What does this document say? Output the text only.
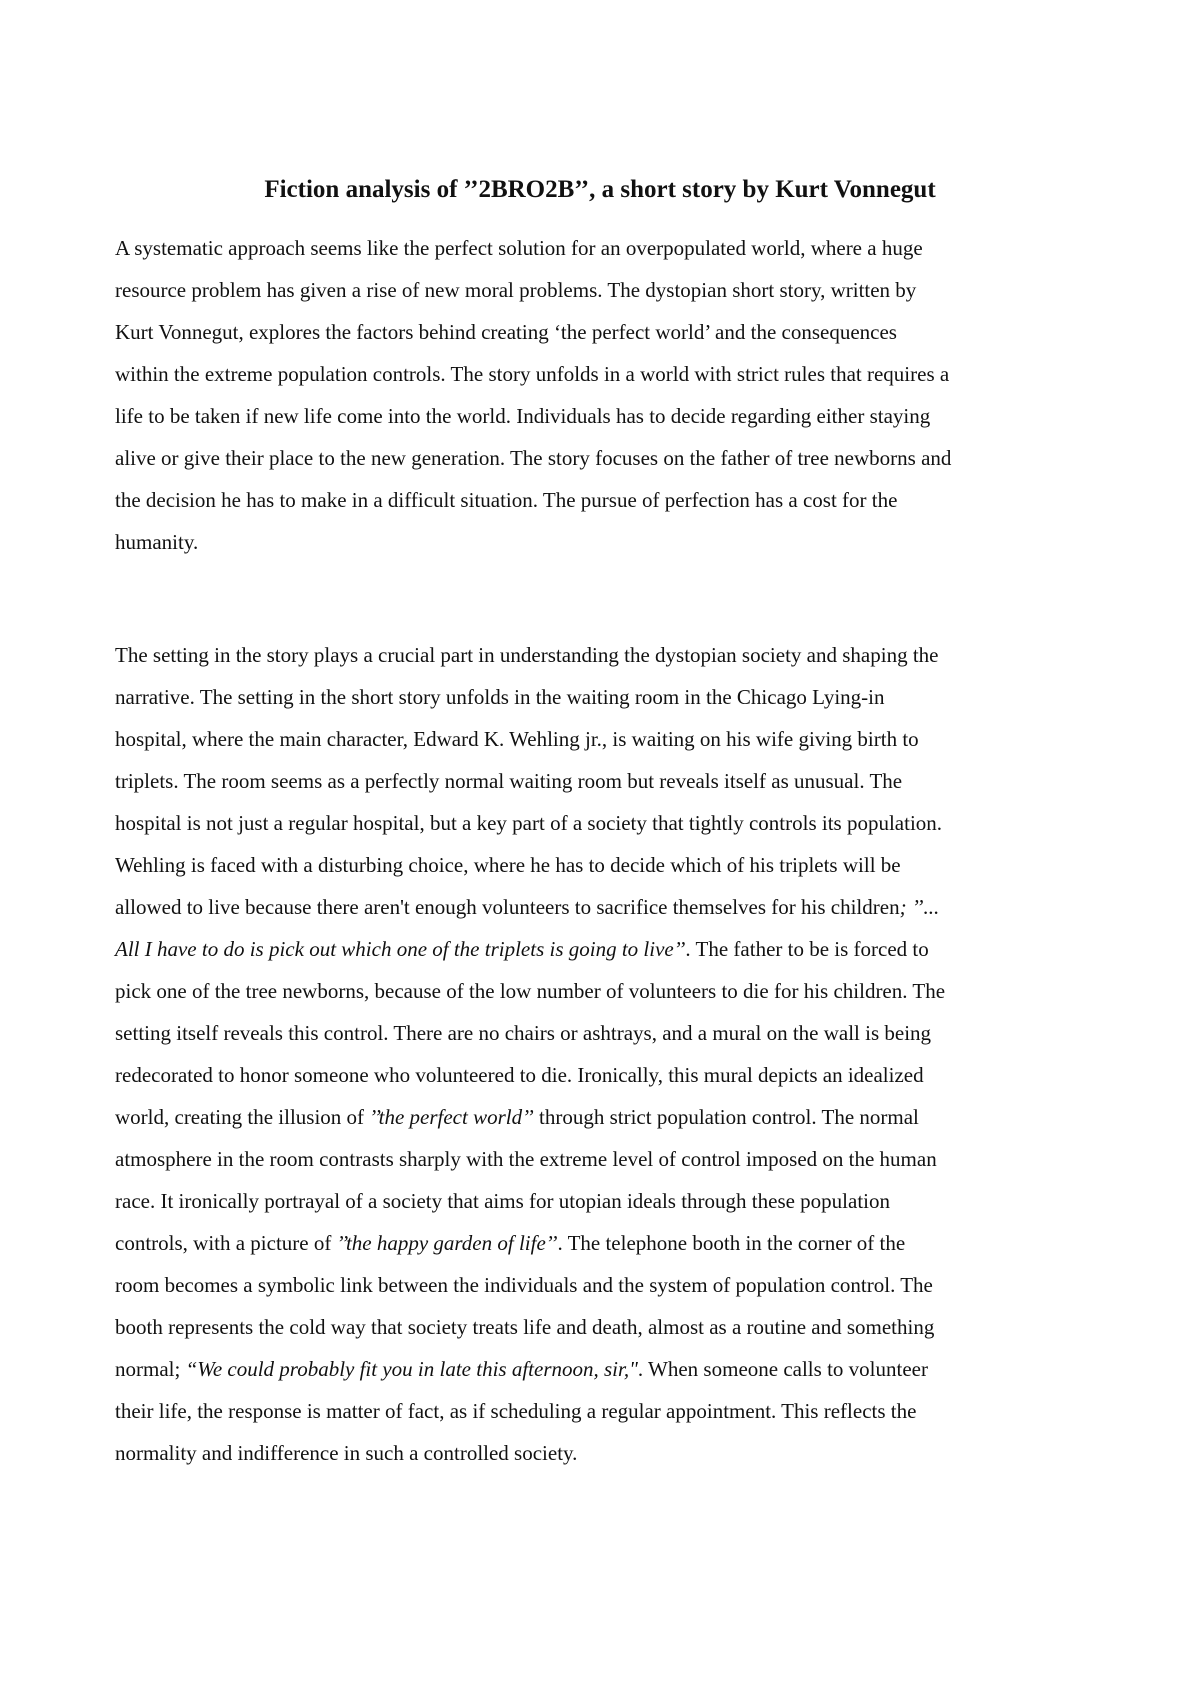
Fiction analysis of ’’2BRO2B’’, a short story by Kurt Vonnegut

A systematic approach seems like the perfect solution for an overpopulated world, where a huge
resource problem has given a rise of new moral problems. The dystopian short story, written by
Kurt Vonnegut, explores the factors behind creating ‘the perfect world’ and the consequences
within the extreme population controls. The story unfolds in a world with strict rules that requires a
life to be taken if new life come into the world. Individuals has to decide regarding either staying
alive or give their place to the new generation. The story focuses on the father of tree newborns and
the decision he has to make in a difficult situation. The pursue of perfection has a cost for the
humanity.

The setting in the story plays a crucial part in understanding the dystopian society and shaping the
narrative. The setting in the short story unfolds in the waiting room in the Chicago Lying-in
hospital, where the main character, Edward K. Wehling jr., is waiting on his wife giving birth to
triplets. The room seems as a perfectly normal waiting room but reveals itself as unusual. The
hospital is not just a regular hospital, but a key part of a society that tightly controls its population.
Wehling is faced with a disturbing choice, where he has to decide which of his triplets will be
allowed to live because there aren't enough volunteers to sacrifice themselves for his children; ’’...
All I have to do is pick out which one of the triplets is going to live’’. The father to be is forced to
pick one of the tree newborns, because of the low number of volunteers to die for his children. The
setting itself reveals this control. There are no chairs or ashtrays, and a mural on the wall is being
redecorated to honor someone who volunteered to die. Ironically, this mural depicts an idealized
world, creating the illusion of ’’the perfect world’’ through strict population control. The normal
atmosphere in the room contrasts sharply with the extreme level of control imposed on the human
race. It ironically portrayal of a society that aims for utopian ideals through these population
controls, with a picture of ’’the happy garden of life’’. The telephone booth in the corner of the
room becomes a symbolic link between the individuals and the system of population control. The
booth represents the cold way that society treats life and death, almost as a routine and something
normal; “We could probably fit you in late this afternoon, sir,". When someone calls to volunteer
their life, the response is matter of fact, as if scheduling a regular appointment. This reflects the
normality and indifference in such a controlled society.
